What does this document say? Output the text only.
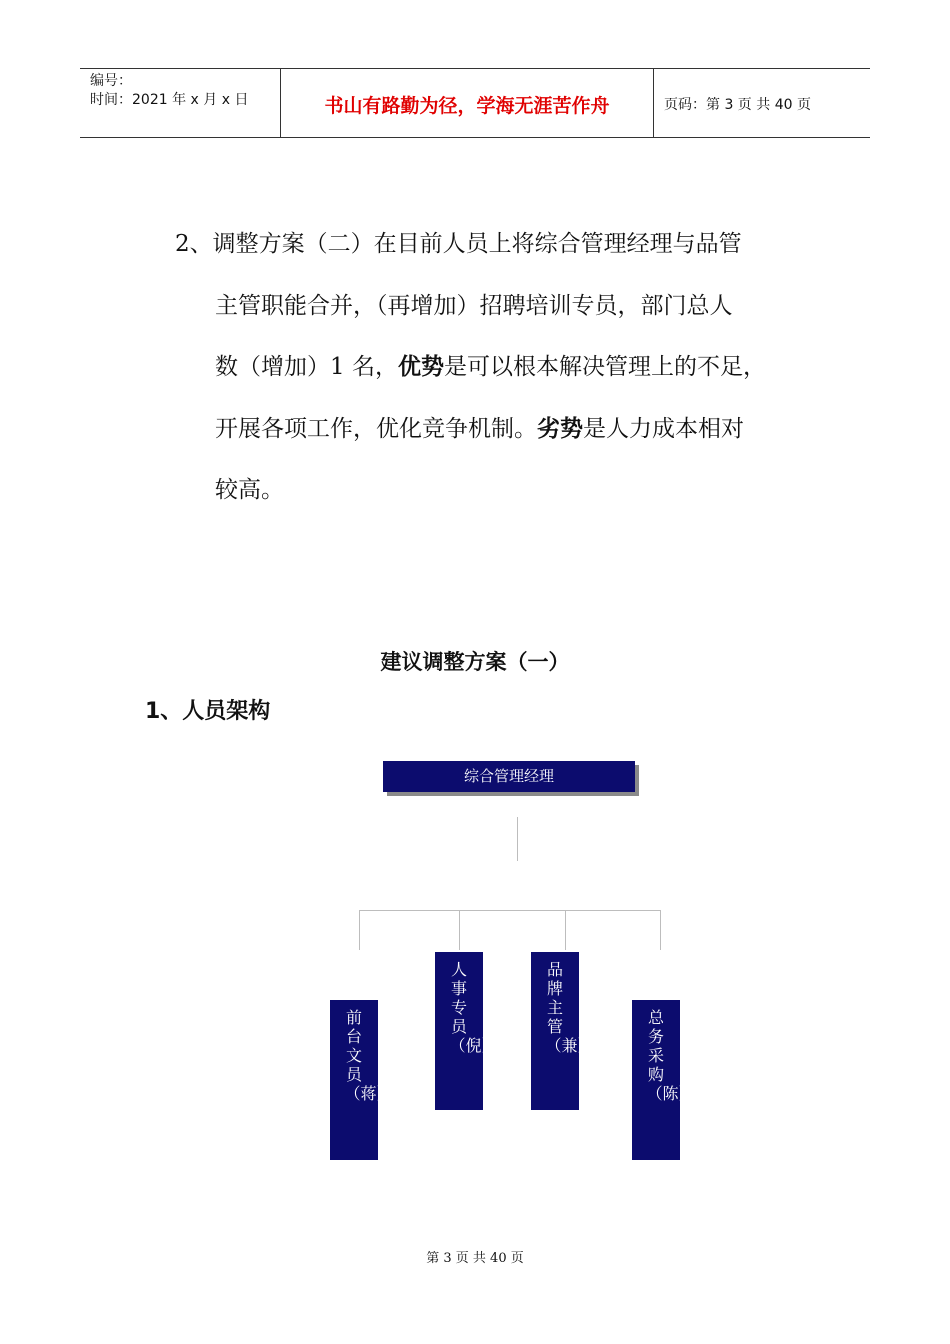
编号：
时间：2021 年 x 月 x 日	书山有路勤为径，学海无涯苦作舟	页码：第 3 页 共 40 页
2、调整方案（二）在目前人员上将综合管理经理与品管
主管职能合并，（再增加）招聘培训专员，部门总人
数（增加）1 名，优势是可以根本解决管理上的不足，
开展各项工作，优化竞争机制。劣势是人力成本相对
较高。
建议调整方案（一）
1、人员架构
综合管理经理
前台文员（蒋）
人事专员（倪）
品牌主管（兼）
总务采购（陈）
第 3 页 共 40 页
